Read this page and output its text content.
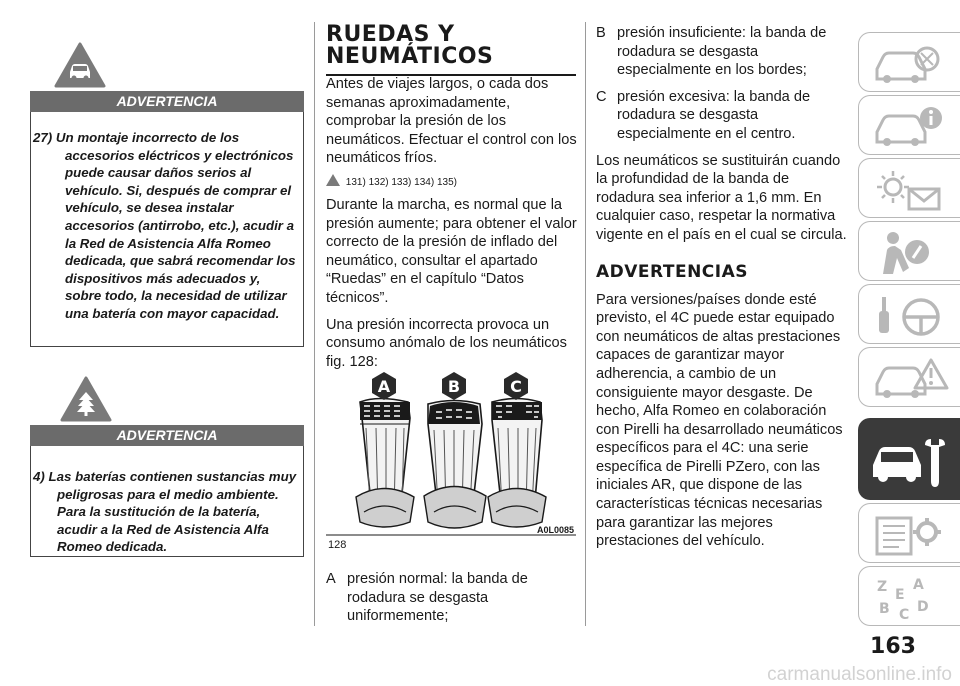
ADVERTENCIA
27) Un montaje incorrecto de los accesorios eléctricos y electrónicos puede causar daños serios al vehículo. Si, después de comprar el vehículo, se desea instalar accesorios (antirrobo, etc.), acudir a la Red de Asistencia Alfa Romeo dedicada, que sabrá recomendar los dispositivos más adecuados y, sobre todo, la necesidad de utilizar una batería con mayor capacidad.
ADVERTENCIA
4) Las baterías contienen sustancias muy peligrosas para el medio ambiente. Para la sustitución de la batería, acudir a la Red de Asistencia Alfa Romeo dedicada.
RUEDAS Y
NEUMÁTICOS

Antes de viajes largos, o cada dos semanas aproximadamente, comprobar la presión de los neumáticos. Efectuar el control con los neumáticos fríos.

131) 132) 133) 134) 135)

Durante la marcha, es normal que la presión aumente; para obtener el valor correcto de la presión de inflado del neumático, consultar el apartado “Ruedas” en el capítulo “Datos técnicos”.

Una presión incorrecta provoca un consumo anómalo de los neumáticos fig. 128:

A	B	C
128
A0L0085

A presión normal: la banda de rodadura se desgasta uniformemente;

B presión insuficiente: la banda de rodadura se desgasta especialmente en los bordes;

C presión excesiva: la banda de rodadura se desgasta especialmente en el centro.

Los neumáticos se sustituirán cuando la profundidad de la banda de rodadura sea inferior a 1,6 mm. En cualquier caso, respetar la normativa vigente en el país en el cual se circula.

ADVERTENCIAS

Para versiones/países donde esté previsto, el 4C puede estar equipado con neumáticos de altas prestaciones capaces de garantizar mayor adherencia, a cambio de un consiguiente mayor desgaste. De hecho, Alfa Romeo en colaboración con Pirelli ha desarrollado neumáticos específicos para el 4C: una serie específica de Pirelli PZero, con las iniciales AR, que dispone de las características técnicas necesarias para garantizar las mejores prestaciones del vehículo.

Z E
A
B C D
163
carmanualsonline.info
